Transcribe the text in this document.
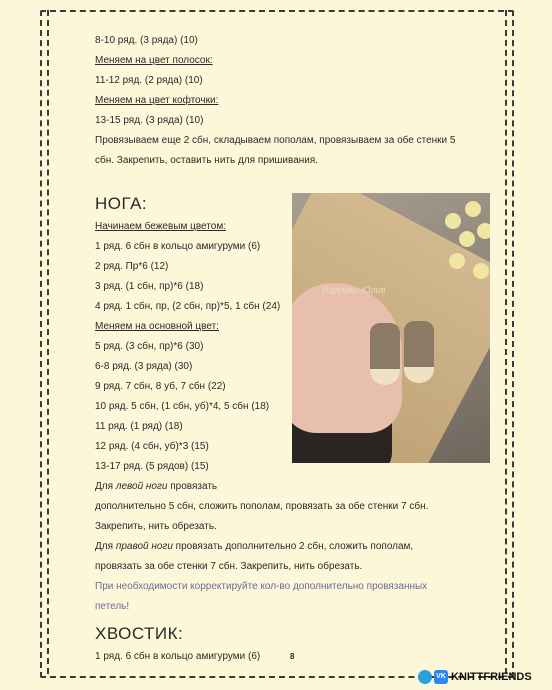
8-10 ряд. (3 ряда) (10)
Меняем на цвет полосок:
11-12 ряд. (2 ряда) (10)
Меняем на цвет кофточки:
13-15 ряд. (3 ряда) (10)
Провязываем еще 2 сбн, складываем пополам, провязываем за обе стенки 5
сбн. Закрепить, оставить нить для пришивания.
НОГА:
Начинаем бежевым цветом:
1 ряд. 6 сбн в кольцо амигуруми (6)
2 ряд. Пр*6 (12)
3 ряд. (1 сбн, пр)*6 (18)
4 ряд. 1 сбн, пр, (2 сбн, пр)*5, 1 сбн (24)
Меняем на основной цвет:
5 ряд. (3 сбн, пр)*6 (30)
6-8 ряд. (3 ряда) (30)
9 ряд. 7 сбн, 8 уб, 7 сбн (22)
10 ряд. 5 сбн, (1 сбн, уб)*4, 5 сбн (18)
11 ряд. (1 ряд) (18)
12 ряд. (4 сбн, уб)*3 (15)
13-17 ряд. (5 рядов) (15)
Для левой ноги провязать
дополнительно 5 сбн, сложить пополам, провязать за обе стенки 7 сбн.
Закрепить, нить обрезать.
Для правой ноги провязать дополнительно 2 сбн, сложить пополам,
провязать за обе стенки 7 сбн. Закрепить, нить обрезать.
При необходимости корректируйте кол-во дополнительно провязанных
петель!
ХВОСТИК:
1 ряд. 6 сбн в кольцо амигуруми (6)
Игрушки Юлия
8
VK KNITTFRIENDS
